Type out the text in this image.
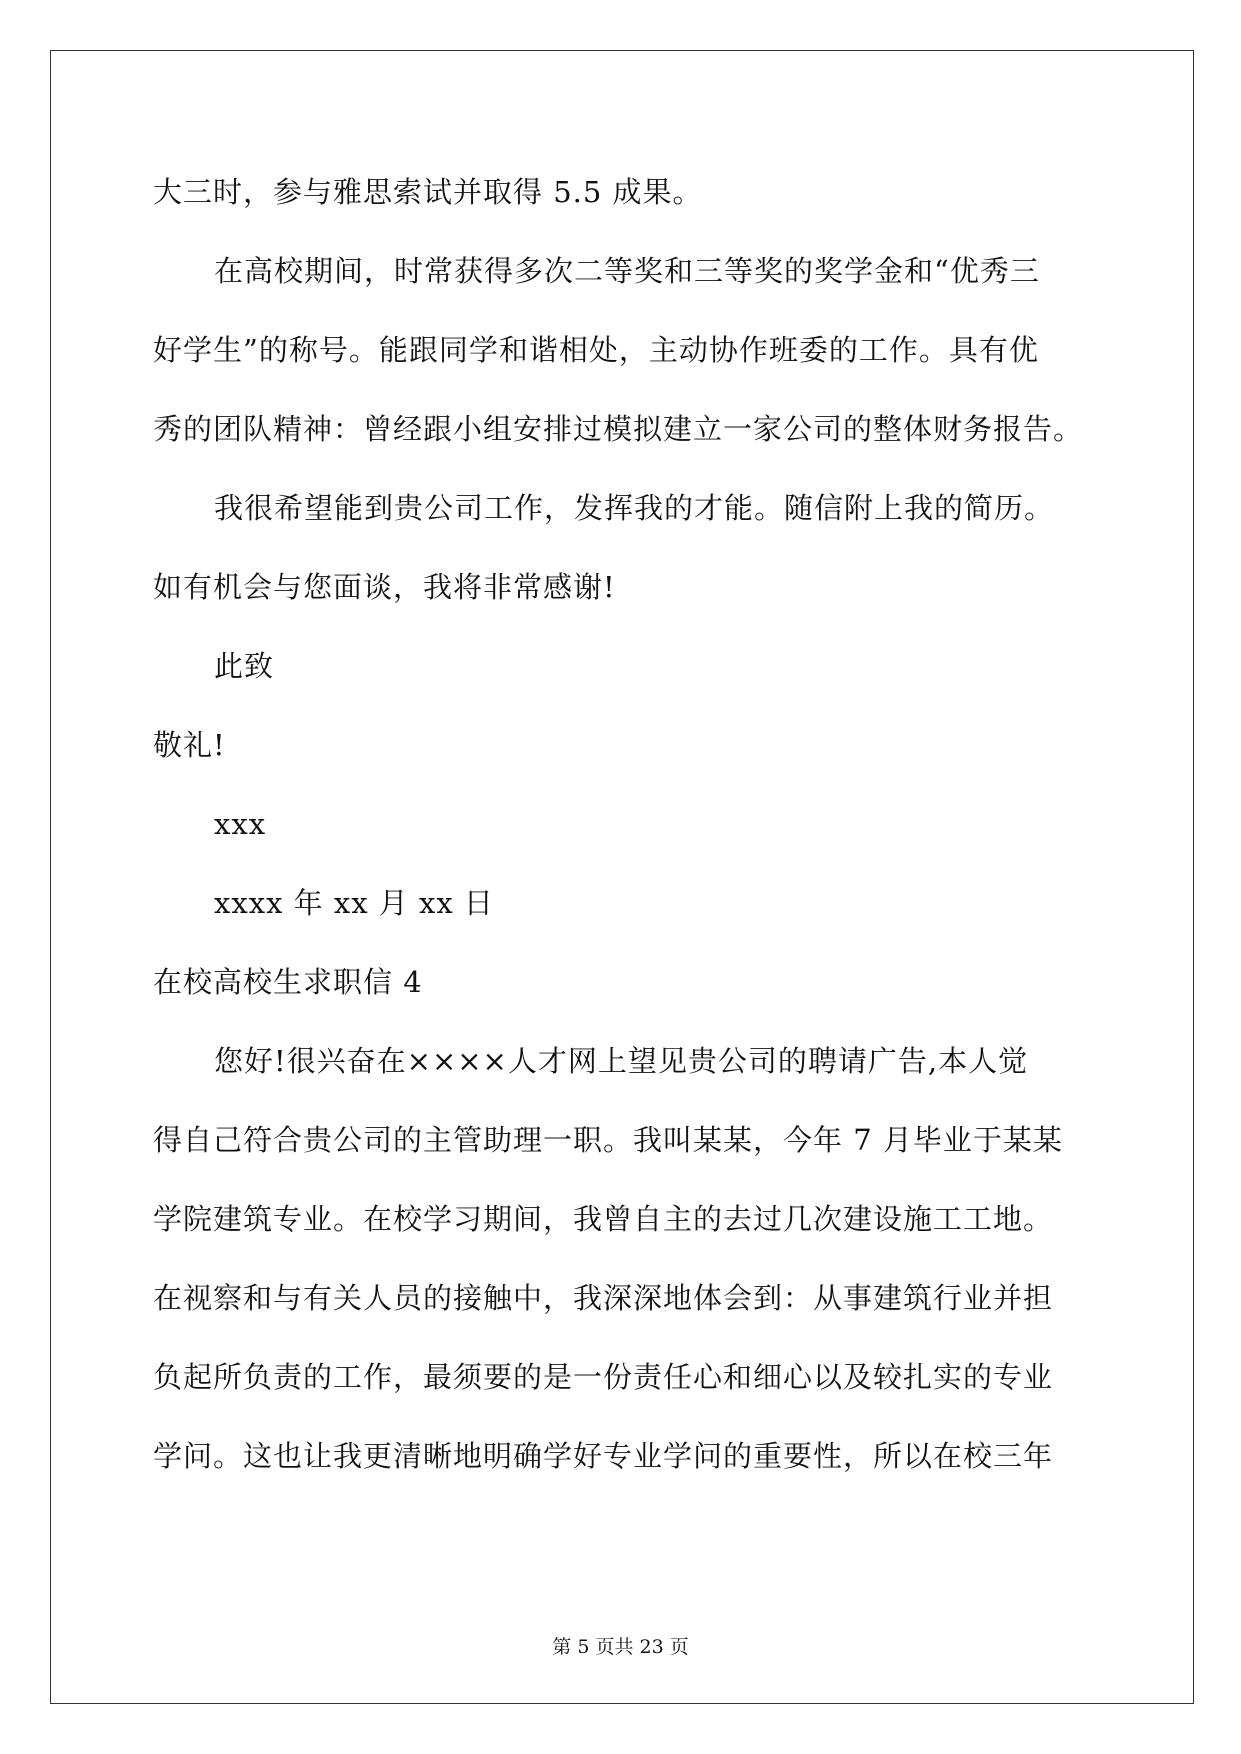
大三时，参与雅思索试并取得 5.5 成果。
在高校期间，时常获得多次二等奖和三等奖的奖学金和“优秀三
好学生”的称号。能跟同学和谐相处，主动协作班委的工作。具有优
秀的团队精神：曾经跟小组安排过模拟建立一家公司的整体财务报告。
我很希望能到贵公司工作，发挥我的才能。随信附上我的简历。
如有机会与您面谈，我将非常感谢!
此致
敬礼!
xxx
xxxx 年 xx 月 xx 日
在校高校生求职信 4
您好!很兴奋在××××人才网上望见贵公司的聘请广告,本人觉
得自己符合贵公司的主管助理一职。我叫某某，今年 7 月毕业于某某
学院建筑专业。在校学习期间，我曾自主的去过几次建设施工工地。
在视察和与有关人员的接触中，我深深地体会到：从事建筑行业并担
负起所负责的工作，最须要的是一份责任心和细心以及较扎实的专业
学问。这也让我更清晰地明确学好专业学问的重要性，所以在校三年
第 5 页共 23 页
